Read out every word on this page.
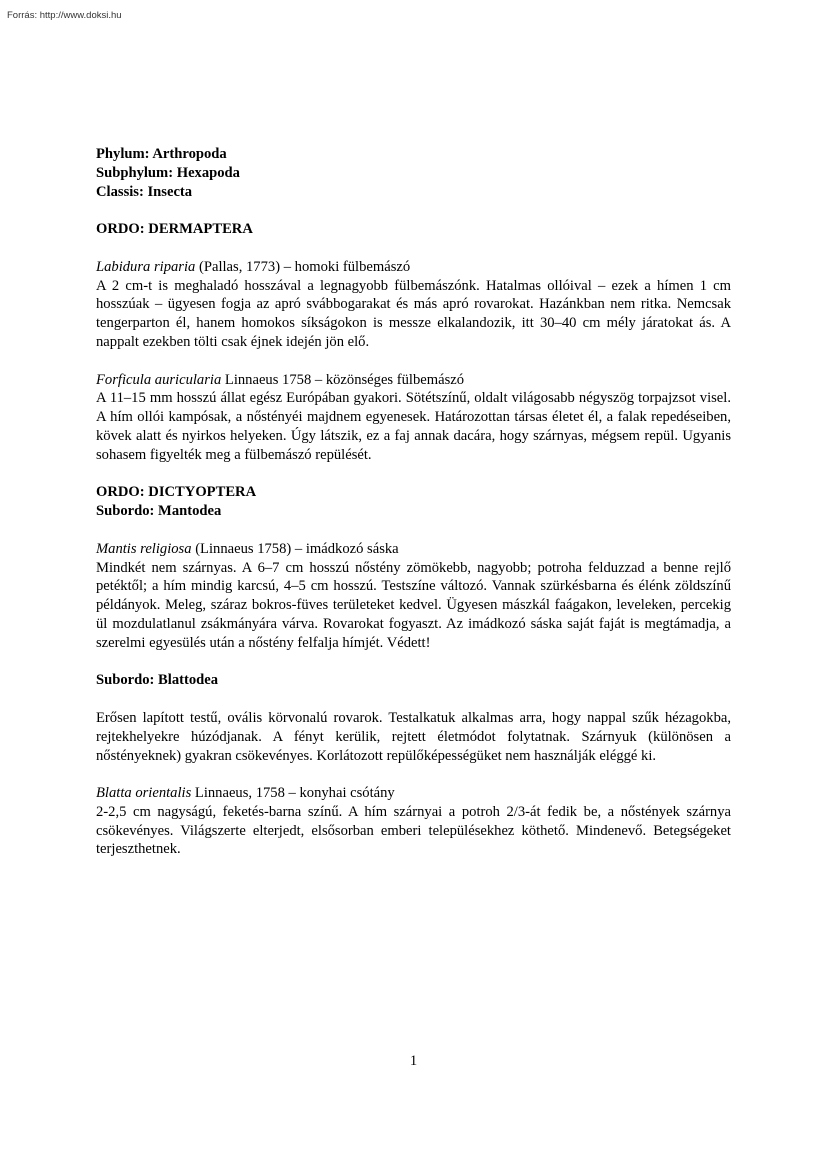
Forrás: http://www.doksi.hu

Phylum: Arthropoda

Subphylum: Hexapoda

Classis: Insecta

ORDO: DERMAPTERA

Labidura riparia (Pallas, 1773) – homoki fülbemászó

A 2 cm-t is meghaladó hosszával a legnagyobb fülbemászónk. Hatalmas ollóival – ezek a hímen 1 cm hosszúak – ügyesen fogja az apró svábbogarakat és más apró rovarokat. Hazánkban nem ritka. Nemcsak tengerparton él, hanem homokos síkságokon is messze elkalandozik, itt 30–40 cm mély járatokat ás. A nappalt ezekben tölti csak éjnek idején jön elő.

Forficula auricularia Linnaeus 1758 – közönséges fülbemászó

A 11–15 mm hosszú állat egész Európában gyakori. Sötétszínű, oldalt világosabb négyszög torpajzsot visel. A hím ollói kampósak, a nőstényéi majdnem egyenesek. Határozottan társas életet él, a falak repedéseiben, kövek alatt és nyirkos helyeken. Úgy látszik, ez a faj annak dacára, hogy szárnyas, mégsem repül. Ugyanis sohasem figyelték meg a fülbemászó repülését.

ORDO: DICTYOPTERA

Subordo: Mantodea

Mantis religiosa (Linnaeus 1758) – imádkozó sáska

Mindkét nem szárnyas. A 6–7 cm hosszú nőstény zömökebb, nagyobb; potroha felduzzad a benne rejlő petéktől; a hím mindig karcsú, 4–5 cm hosszú. Testszíne változó. Vannak szürkésbarna és élénk zöldszínű példányok. Meleg, száraz bokros-füves területeket kedvel. Ügyesen mászkál faágakon, leveleken, percekig ül mozdulatlanul zsákmányára várva. Rovarokat fogyaszt. Az imádkozó sáska saját faját is megtámadja, a szerelmi egyesülés után a nőstény felfalja hímjét. Védett!

Subordo: Blattodea

Erősen lapított testű, ovális körvonalú rovarok. Testalkatuk alkalmas arra, hogy nappal szűk hézagokba, rejtekhelyekre húzódjanak. A fényt kerülik, rejtett életmódot folytatnak. Szárnyuk (különösen a nőstényeknek) gyakran csökevényes. Korlátozott repülőképességüket nem használják eléggé ki.

Blatta orientalis Linnaeus, 1758 – konyhai csótány

2-2,5 cm nagyságú, feketés-barna színű. A hím szárnyai a potroh 2/3-át fedik be, a nőstények szárnya csökevényes. Világszerte elterjedt, elsősorban emberi településekhez köthető. Mindenevő. Betegségeket terjeszthetnek.

1
